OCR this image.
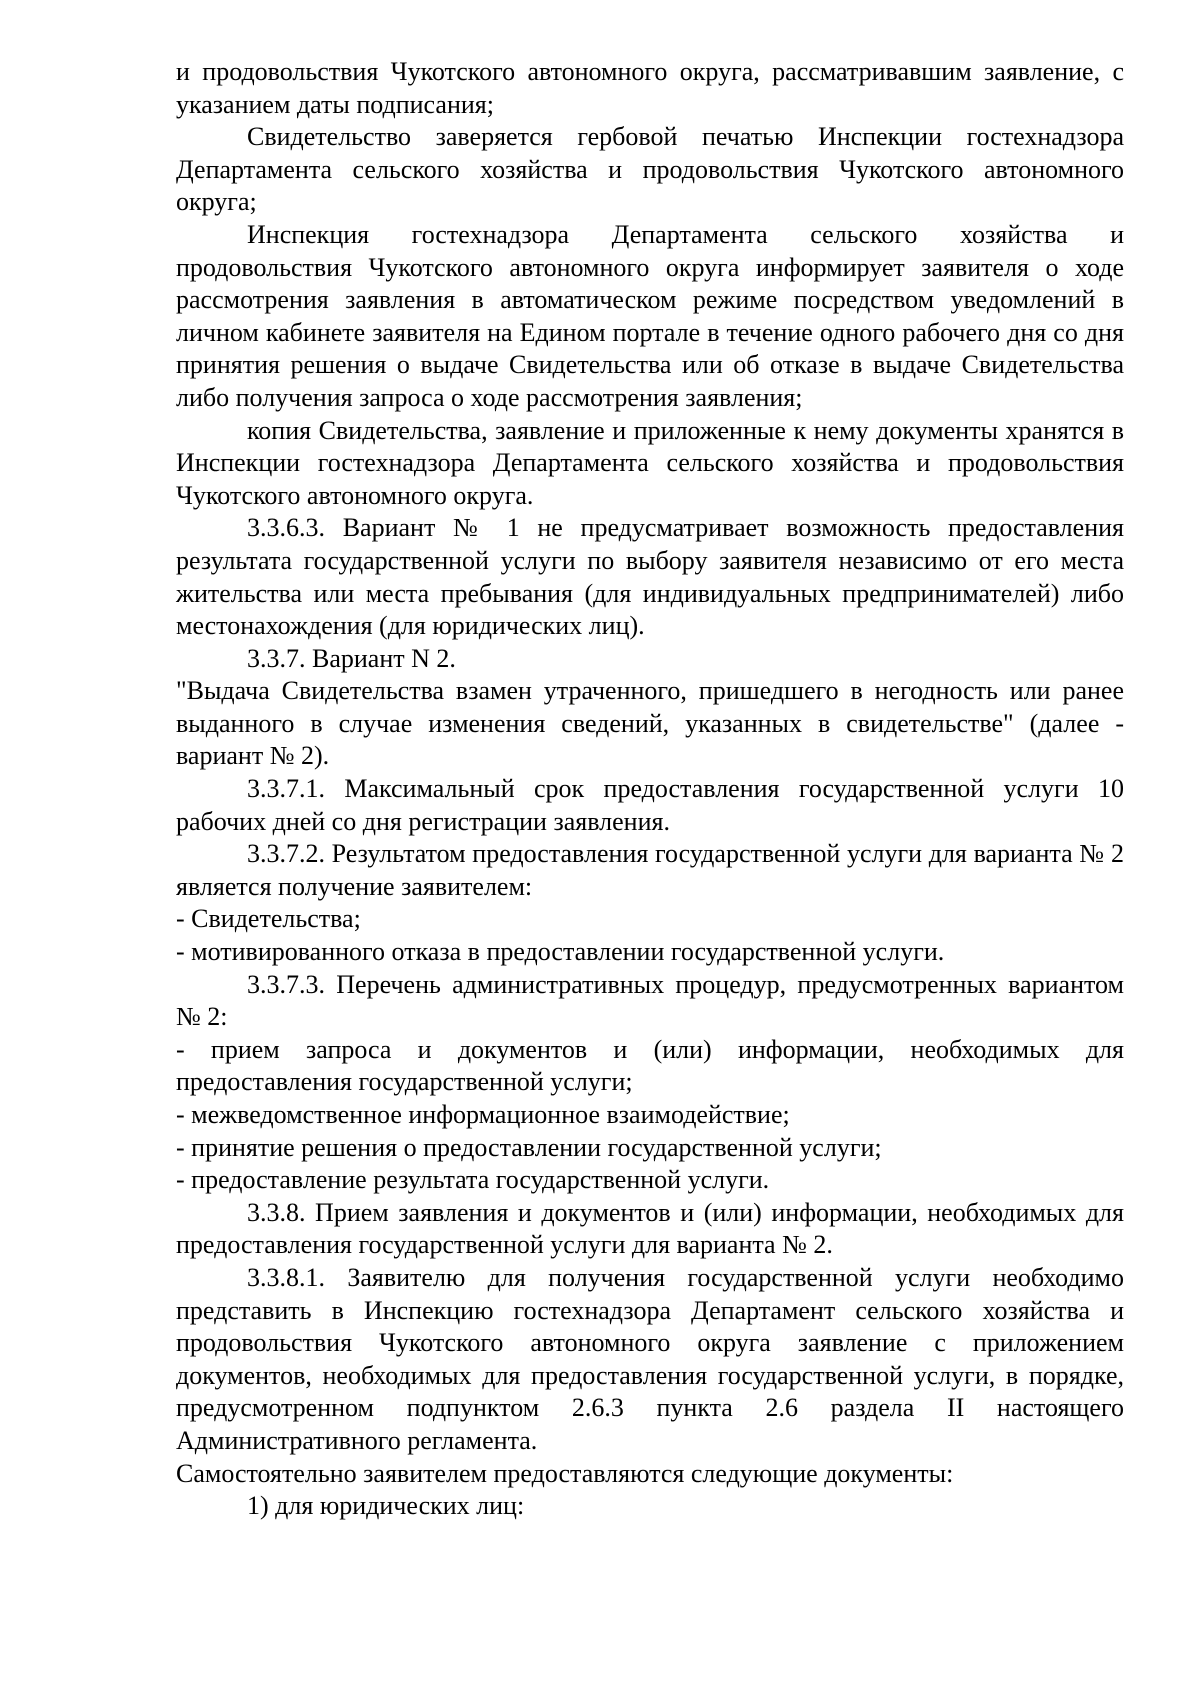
и продовольствия Чукотского автономного округа, рассматривавшим заявление, с указанием даты подписания;

Свидетельство заверяется гербовой печатью Инспекции гостехнадзора Департамента сельского хозяйства и продовольствия Чукотского автономного округа;

Инспекция гостехнадзора Департамента сельского хозяйства и продовольствия Чукотского автономного округа информирует заявителя о ходе рассмотрения заявления в автоматическом режиме посредством уведомлений в личном кабинете заявителя на Едином портале в течение одного рабочего дня со дня принятия решения о выдаче Свидетельства или об отказе в выдаче Свидетельства либо получения запроса о ходе рассмотрения заявления;

копия Свидетельства, заявление и приложенные к нему документы хранятся в Инспекции гостехнадзора Департамента сельского хозяйства и продовольствия Чукотского автономного округа.

3.3.6.3. Вариант № 1 не предусматривает возможность предоставления результата государственной услуги по выбору заявителя независимо от его места жительства или места пребывания (для индивидуальных предпринимателей) либо местонахождения (для юридических лиц).

3.3.7. Вариант N 2.

"Выдача Свидетельства взамен утраченного, пришедшего в негодность или ранее выданного в случае изменения сведений, указанных в свидетельстве" (далее - вариант № 2).

3.3.7.1. Максимальный срок предоставления государственной услуги 10 рабочих дней со дня регистрации заявления.

3.3.7.2. Результатом предоставления государственной услуги для варианта № 2 является получение заявителем:

- Свидетельства;

- мотивированного отказа в предоставлении государственной услуги.

3.3.7.3. Перечень административных процедур, предусмотренных вариантом № 2:

- прием запроса и документов и (или) информации, необходимых для предоставления государственной услуги;

- межведомственное информационное взаимодействие;

- принятие решения о предоставлении государственной услуги;

- предоставление результата государственной услуги.

3.3.8. Прием заявления и документов и (или) информации, необходимых для предоставления государственной услуги для варианта № 2.

3.3.8.1. Заявителю для получения государственной услуги необходимо представить в Инспекцию гостехнадзора Департамент сельского хозяйства и продовольствия Чукотского автономного округа заявление с приложением документов, необходимых для предоставления государственной услуги, в порядке, предусмотренном подпунктом 2.6.3 пункта 2.6 раздела II настоящего Административного регламента.

Самостоятельно заявителем предоставляются следующие документы:

1) для юридических лиц:
